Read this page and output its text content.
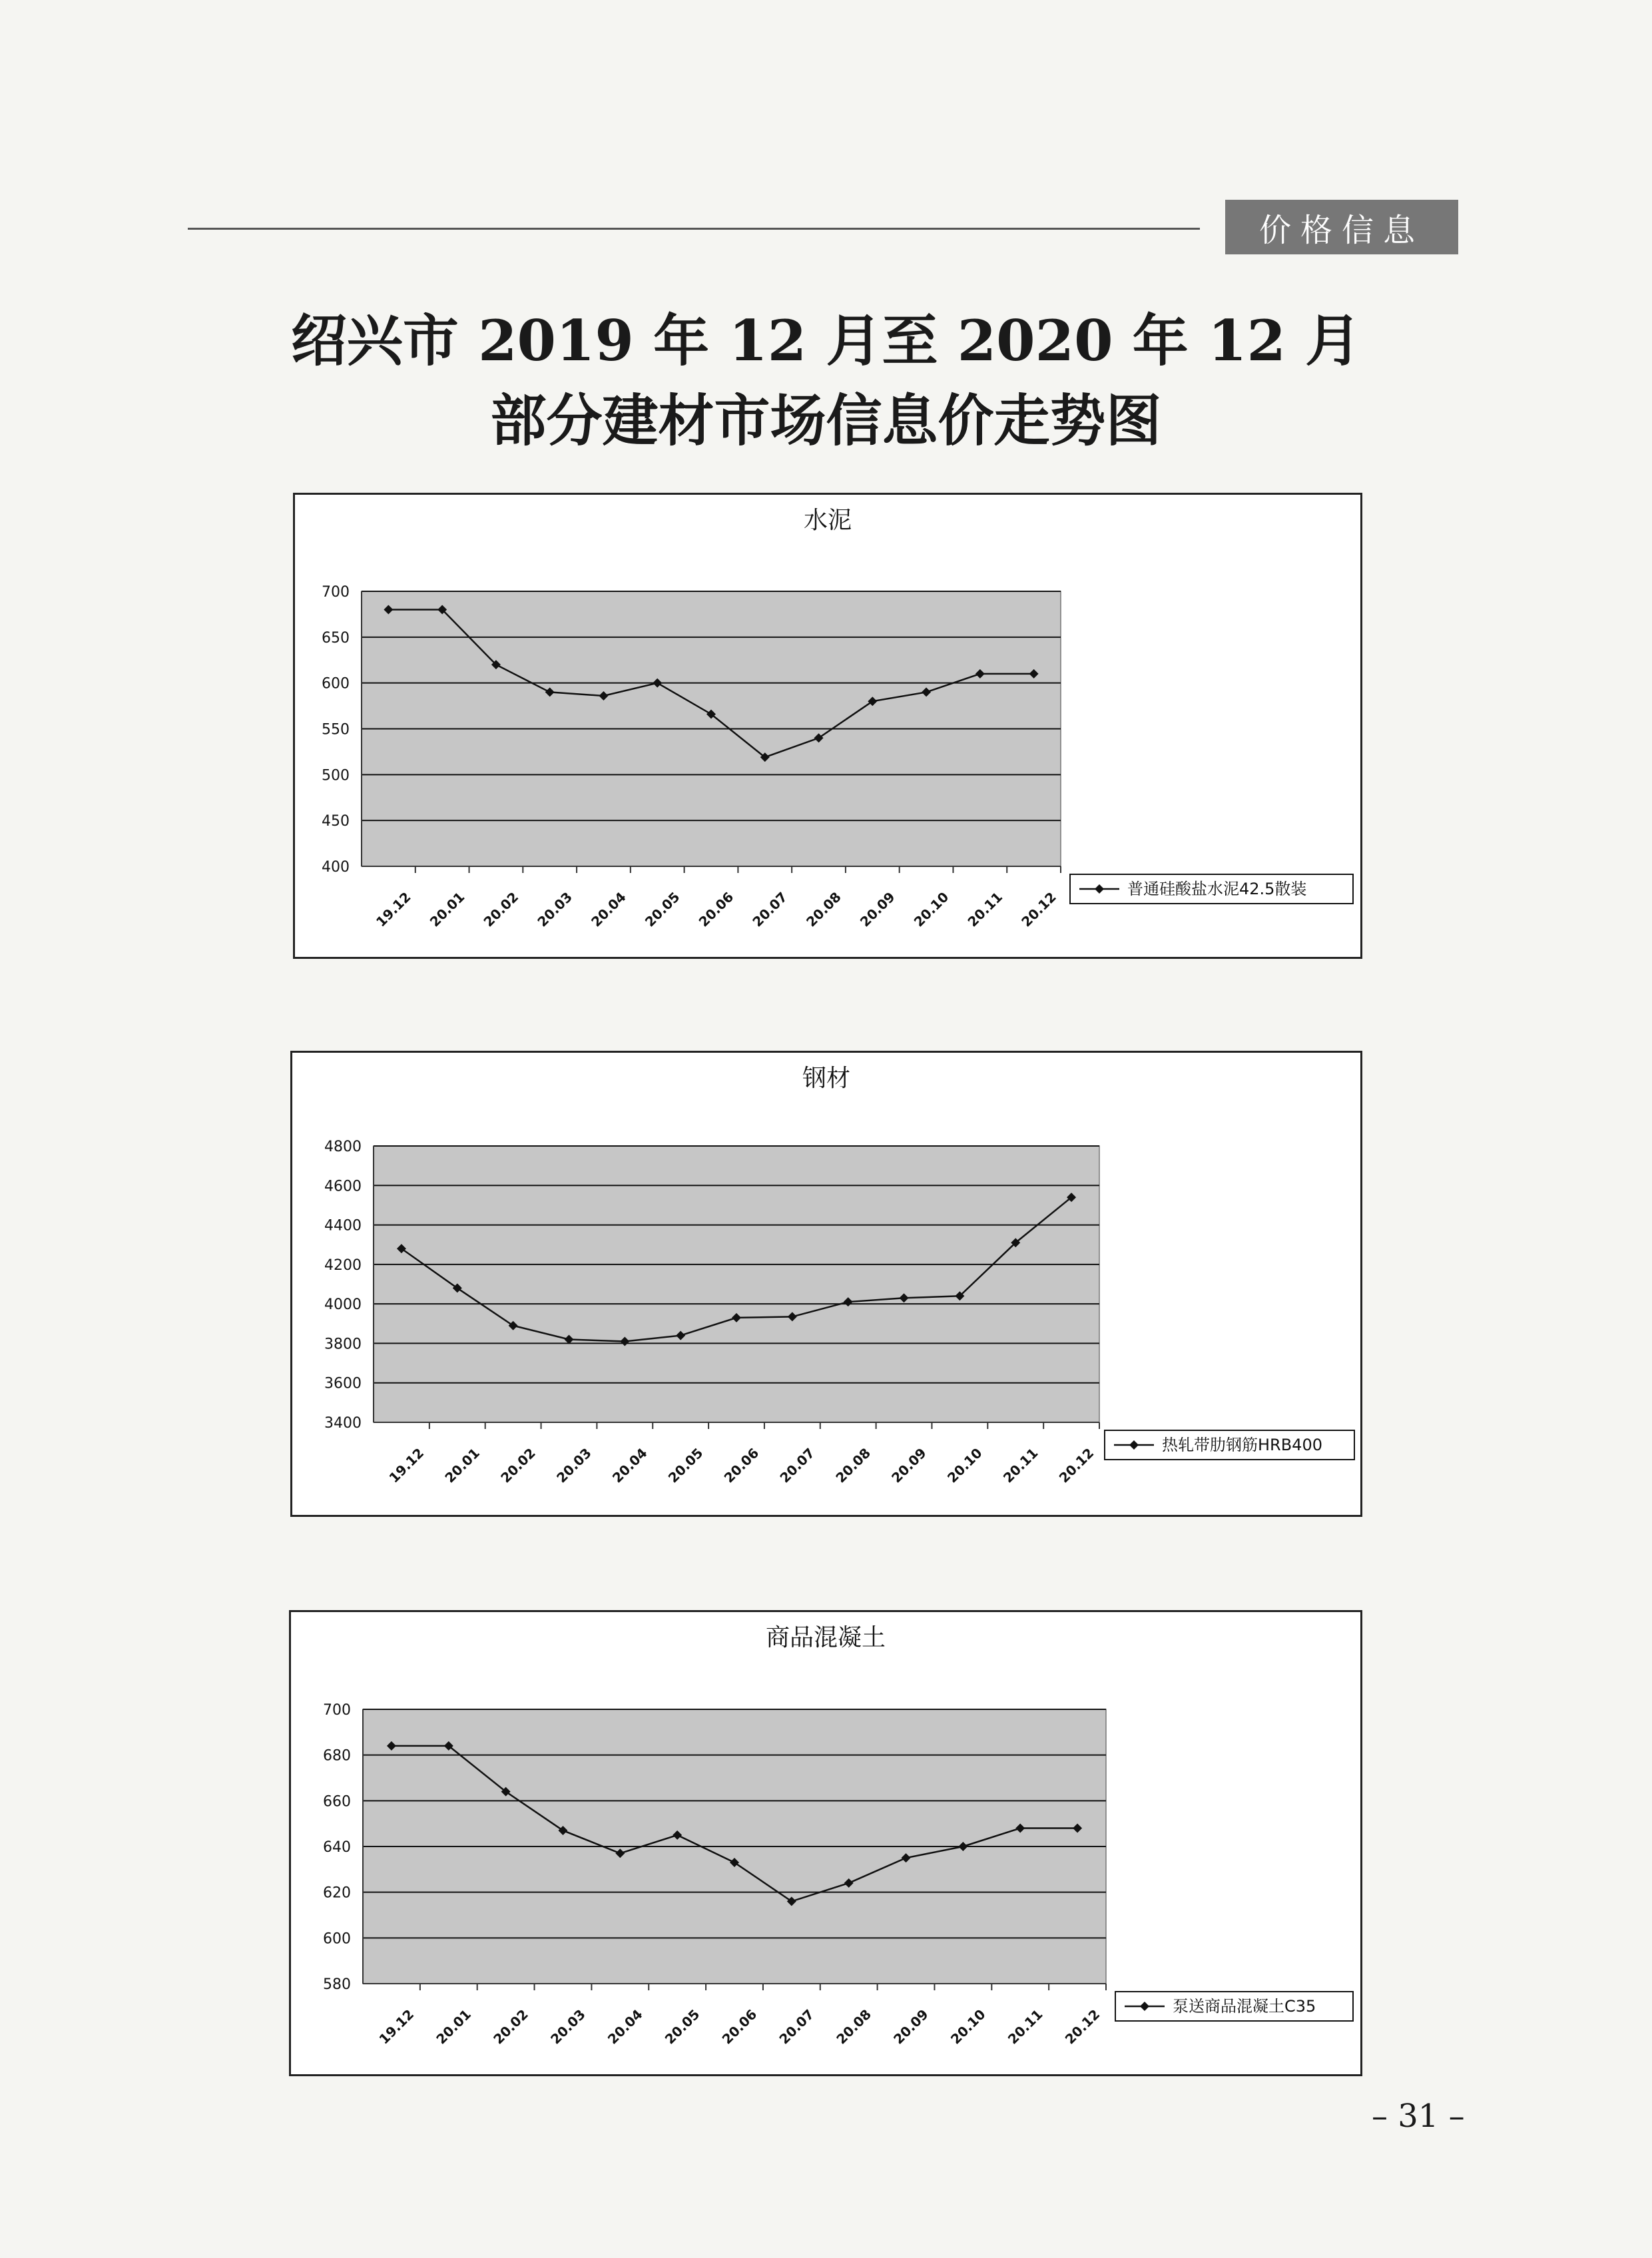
价格信息
绍兴市 2019 年 12 月至 2020 年 12 月
部分建材市场信息价走势图
水泥
700
650
600
550
500
450
400
19.12 20.01 20.02 20.03 20.04 20.05 20.06 20.07 20.08 20.09 20.10 20.11 20.12	普通硅酸盐水泥42.5散装
钢材
4800
4600
4400
4200
4000
3800
3600
3400
19.12 20.01 20.02 20.03 20.04 20.05 20.06 20.07 20.08 20.09 20.10 20.11 20.12	热轧带肋钢筋HRB400
商品混凝土
700
680
660
640
620
600
580
19.12 20.01 20.02 20.03 20.04 20.05 20.06 20.07 20.08 20.09 20.10 20.11 20.12	泵送商品混凝土C35
– 31 –
